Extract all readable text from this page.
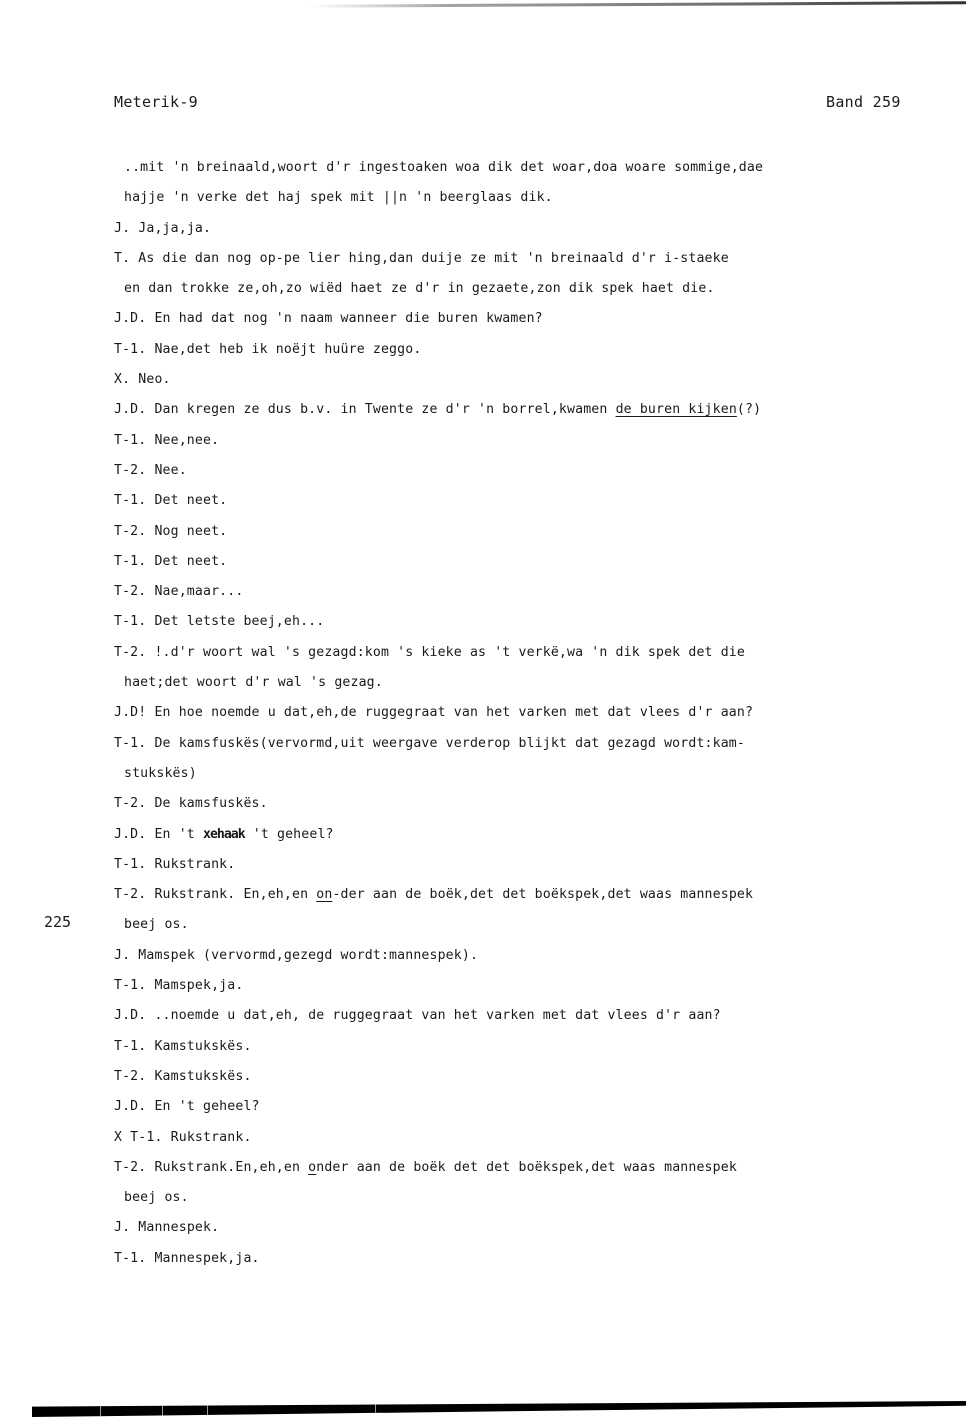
Meterik-9	Band 259
225
..mit 'n breinaald,woort d'r ingestoaken woa dik det woar,doa woare sommige,dae
hajje 'n verke det haj spek mit ||n 'n beerglaas dik.
J. Ja,ja,ja.
T. As die dan nog op-pe lier hing,dan duije ze mit 'n breinaald d'r i-staeke
en dan trokke ze,oh,zo wiëd haet ze d'r in gezaete,zon dik spek haet die.
J.D. En had dat nog 'n naam wanneer die buren kwamen?
T-1. Nae,det heb ik noëjt huüre zeggo.
X. Neo.
J.D. Dan kregen ze dus b.v. in Twente ze d'r 'n borrel,kwamen de buren kijken(?)
T-1. Nee,nee.
T-2. Nee.
T-1. Det neet.
T-2. Nog neet.
T-1. Det neet.
T-2. Nae,maar...
T-1. Det letste beej,eh...
T-2. !.d'r woort wal 's gezagd:kom 's kieke as 't verkë,wa 'n dik spek det die
haet;det woort d'r wal 's gezag.
J.D! En hoe noemde u dat,eh,de ruggegraat van het varken met dat vlees d'r aan?
T-1. De kamsfuskës(vervormd,uit weergave verderop blijkt dat gezagd wordt:kam-
stukskës)
T-2. De kamsfuskës.
J.D. En 't xehaak 't geheel?
T-1. Rukstrank.
T-2. Rukstrank. En,eh,en on-der aan de boëk,det det boëkspek,det waas mannespek
beej os.
J. Mamspek (vervormd,gezegd wordt:mannespek).
T-1. Mamspek,ja.
J.D. ..noemde u dat,eh, de ruggegraat van het varken met dat vlees d'r aan?
T-1. Kamstukskës.
T-2. Kamstukskës.
J.D. En 't geheel?
X T-1. Rukstrank.
T-2. Rukstrank.En,eh,en onder aan de boëk det det boëkspek,det waas mannespek
beej os.
J. Mannespek.
T-1. Mannespek,ja.
